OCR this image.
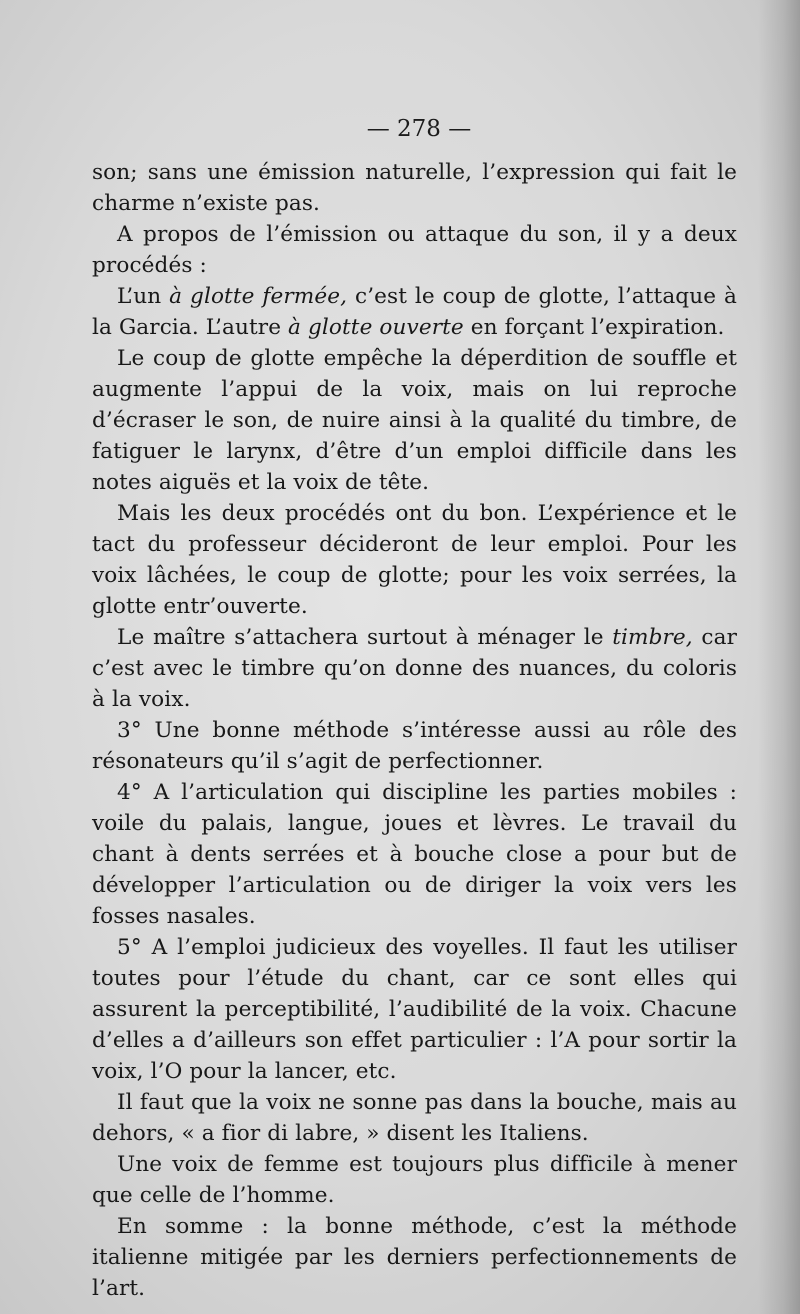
— 278 —

son; sans une émission naturelle, l’expression qui fait le charme n’existe pas.

A propos de l’émission ou attaque du son, il y a deux procédés :

L’un à glotte fermée, c’est le coup de glotte, l’attaque à la Garcia. L’autre à glotte ouverte en forçant l’expiration.

Le coup de glotte empêche la déperdition de souffle et augmente l’appui de la voix, mais on lui reproche d’écraser le son, de nuire ainsi à la qualité du timbre, de fatiguer le larynx, d’être d’un emploi difficile dans les notes aiguës et la voix de tête.

Mais les deux procédés ont du bon. L’expérience et le tact du professeur décideront de leur emploi. Pour les voix lâchées, le coup de glotte; pour les voix serrées, la glotte entr’ouverte.

Le maître s’attachera surtout à ménager le timbre, car c’est avec le timbre qu’on donne des nuances, du coloris à la voix.

3° Une bonne méthode s’intéresse aussi au rôle des résonateurs qu’il s’agit de perfectionner.

4° A l’articulation qui discipline les parties mobiles : voile du palais, langue, joues et lèvres. Le travail du chant à dents serrées et à bouche close a pour but de développer l’articulation ou de diriger la voix vers les fosses nasales.

5° A l’emploi judicieux des voyelles. Il faut les utiliser toutes pour l’étude du chant, car ce sont elles qui assurent la perceptibilité, l’audibilité de la voix. Chacune d’elles a d’ailleurs son effet particulier : l’A pour sortir la voix, l’O pour la lancer, etc.

Il faut que la voix ne sonne pas dans la bouche, mais au dehors, « a fior di labre, » disent les Italiens.

Une voix de femme est toujours plus difficile à mener que celle de l’homme.

En somme : la bonne méthode, c’est la méthode italienne mitigée par les derniers perfectionnements de l’art.
